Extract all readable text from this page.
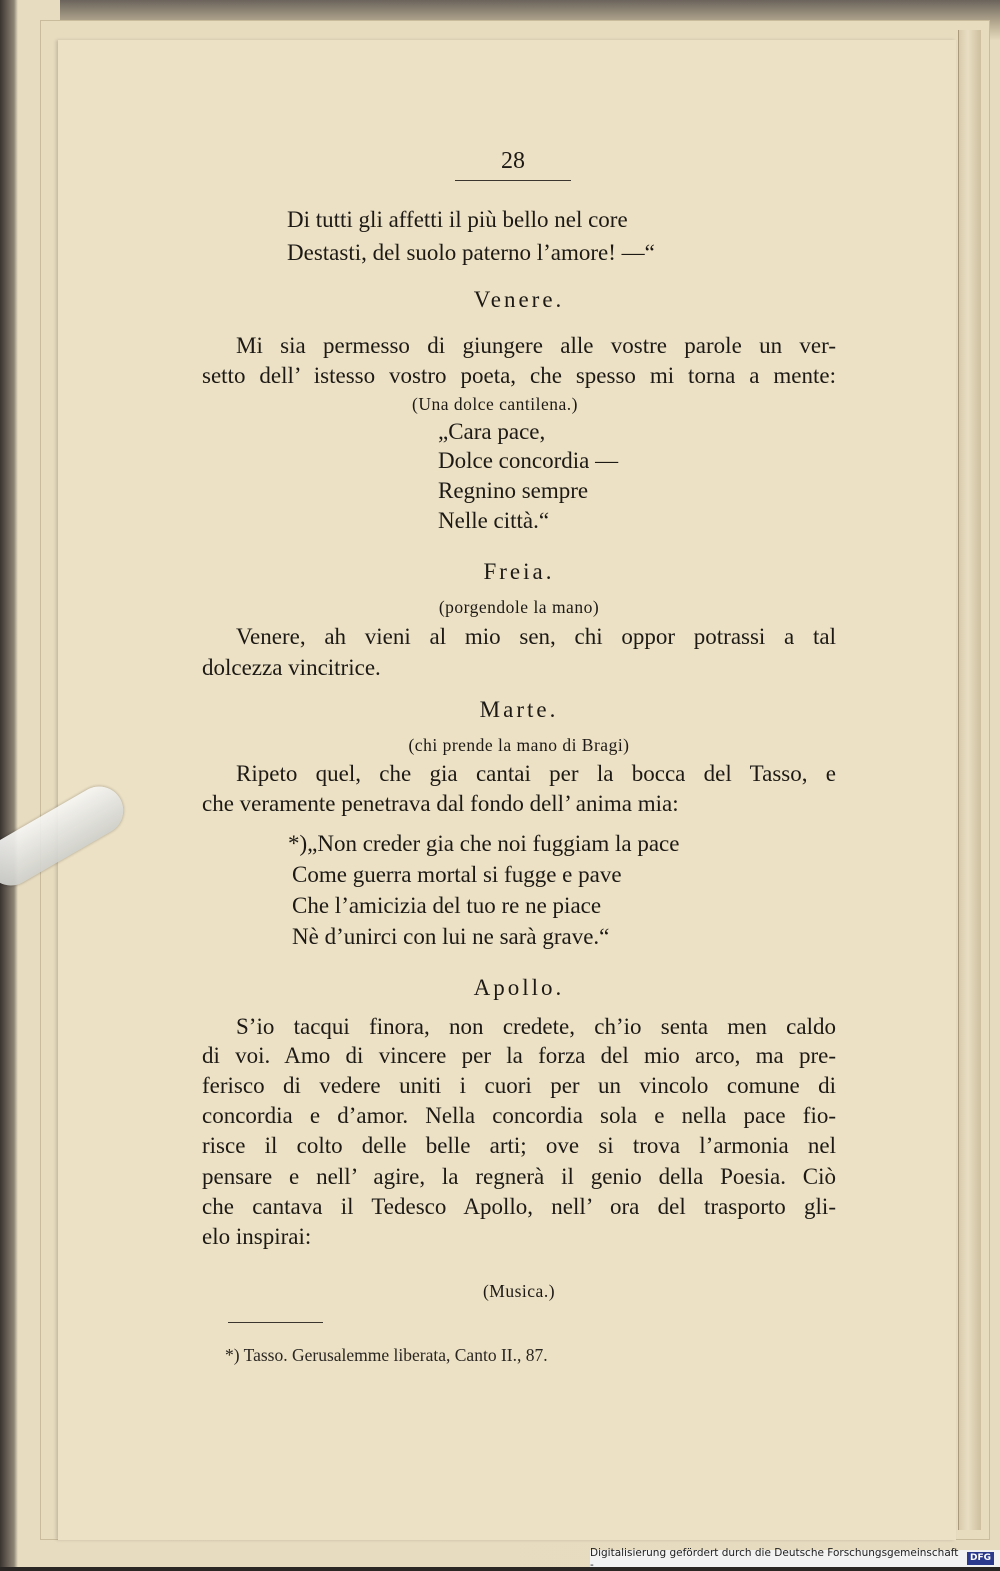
28
Di tutti gli affetti il più bello nel core
Destasti, del suolo paterno l’amore! —“
Venere.
Mi sia permesso di giungere alle vostre parole un ver-
setto dell’ istesso vostro poeta, che spesso mi torna a mente:
(Una dolce cantilena.)
„Cara pace,
Dolce concordia —
Regnino sempre
Nelle città.“
Freia.
(porgendole la mano)
Venere, ah vieni al mio sen, chi oppor potrassi a tal
dolcezza vincitrice.
Marte.
(chi prende la mano di Bragi)
Ripeto quel, che gia cantai per la bocca del Tasso, e
che veramente penetrava dal fondo dell’ anima mia:
*)„Non creder gia che noi fuggiam la pace
Come guerra mortal si fugge e pave
Che l’amicizia del tuo re ne piace
Nè d’unirci con lui ne sarà grave.“
Apollo.
S’io tacqui finora, non credete, ch’io senta men caldo
di voi. Amo di vincere per la forza del mio arco, ma pre-
ferisco di vedere uniti i cuori per un vincolo comune di
concordia e d’amor. Nella concordia sola e nella pace fio-
risce il colto delle belle arti; ove si trova l’armonia nel
pensare e nell’ agire, la regnerà il genio della Poesia. Ciò
che cantava il Tedesco Apollo, nell’ ora del trasporto gli-
elo inspirai:
(Musica.)
*) Tasso. Gerusalemme liberata, Canto II., 87.
Digitalisierung gefördert durch die Deutsche Forschungsgemeinschaft -
DFG
